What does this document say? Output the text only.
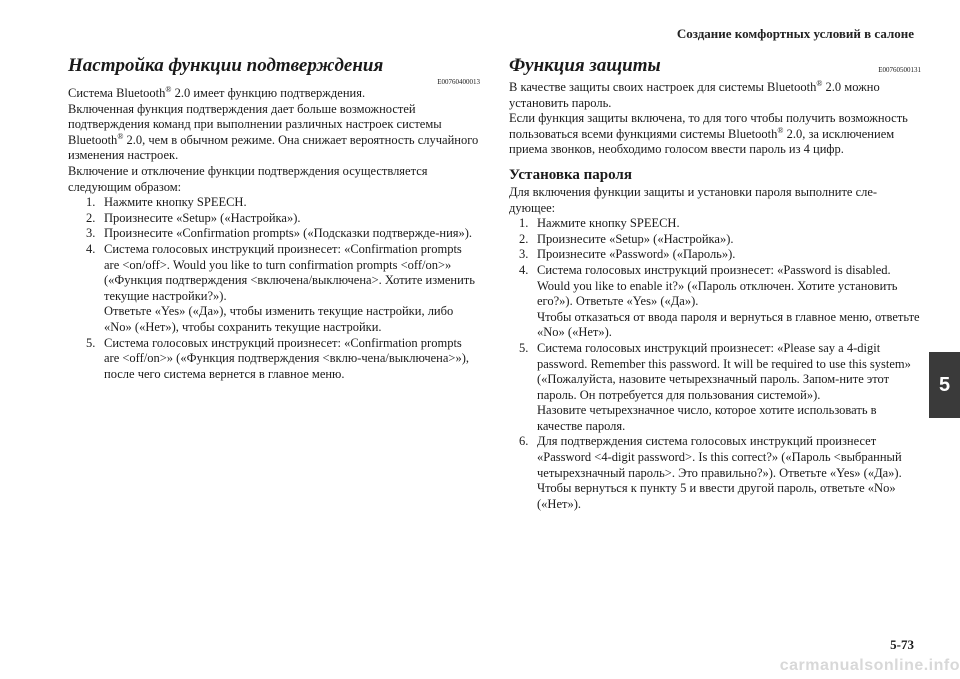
Создание комфортных условий в салоне
Настройка функции подтверждения
E00760400013

Система Bluetooth® 2.0 имеет функцию подтверждения.

Включенная функция подтверждения дает больше возможностей подтверждения команд при выполнении различных настроек системы Bluetooth® 2.0, чем в обычном режиме. Она снижает вероятность случайного изменения настроек.

Включение и отключение функции подтверждения осуществляется следующим образом:

1. Нажмите кнопку SPEECH.
2. Произнесите «Setup» («Настройка»).
3. Произнесите «Confirmation prompts» («Подсказки подтвержде-ния»).
4. Система голосовых инструкций произнесет: «Confirmation prompts are <on/off>. Would you like to turn confirmation prompts <off/on>» («Функция подтверждения <включена/выключена>. Хотите изменить текущие настройки?»).
Ответьте «Yes» («Да»), чтобы изменить текущие настройки, либо «No» («Нет»), чтобы сохранить текущие настройки.
5. Система голосовых инструкций произнесет: «Confirmation prompts are <off/on>» («Функция подтверждения <вклю-чена/выключена>»), после чего система вернется в главное меню.
Функция защиты	E00760500131

В качестве защиты своих настроек для системы Bluetooth® 2.0 можно установить пароль.

Если функция защиты включена, то для того чтобы получить возможность пользоваться всеми функциями системы Bluetooth® 2.0, за исключением приема звонков, необходимо голосом ввести пароль из 4 цифр.

Установка пароля

Для включения функции защиты и установки пароля выполните сле-дующее:

1. Нажмите кнопку SPEECH.
2. Произнесите «Setup» («Настройка»).
3. Произнесите «Password» («Пароль»).
4. Система голосовых инструкций произнесет: «Password is disabled. Would you like to enable it?» («Пароль отключен. Хотите установить его?»). Ответьте «Yes» («Да»).
Чтобы отказаться от ввода пароля и вернуться в главное меню, ответьте «No» («Нет»).
5. Система голосовых инструкций произнесет: «Please say a 4-digit password. Remember this password. It will be required to use this system» («Пожалуйста, назовите четырехзначный пароль. Запом-ните этот пароль. Он потребуется для пользования системой»).
Назовите четырехзначное число, которое хотите использовать в качестве пароля.
6. Для подтверждения система голосовых инструкций произнесет «Password <4-digit password>. Is this correct?» («Пароль <выбранный четырехзначный пароль>. Это правильно?»). Ответьте «Yes» («Да»).
Чтобы вернуться к пункту 5 и ввести другой пароль, ответьте «No» («Нет»).
5
5-73
carmanualsonline.info
